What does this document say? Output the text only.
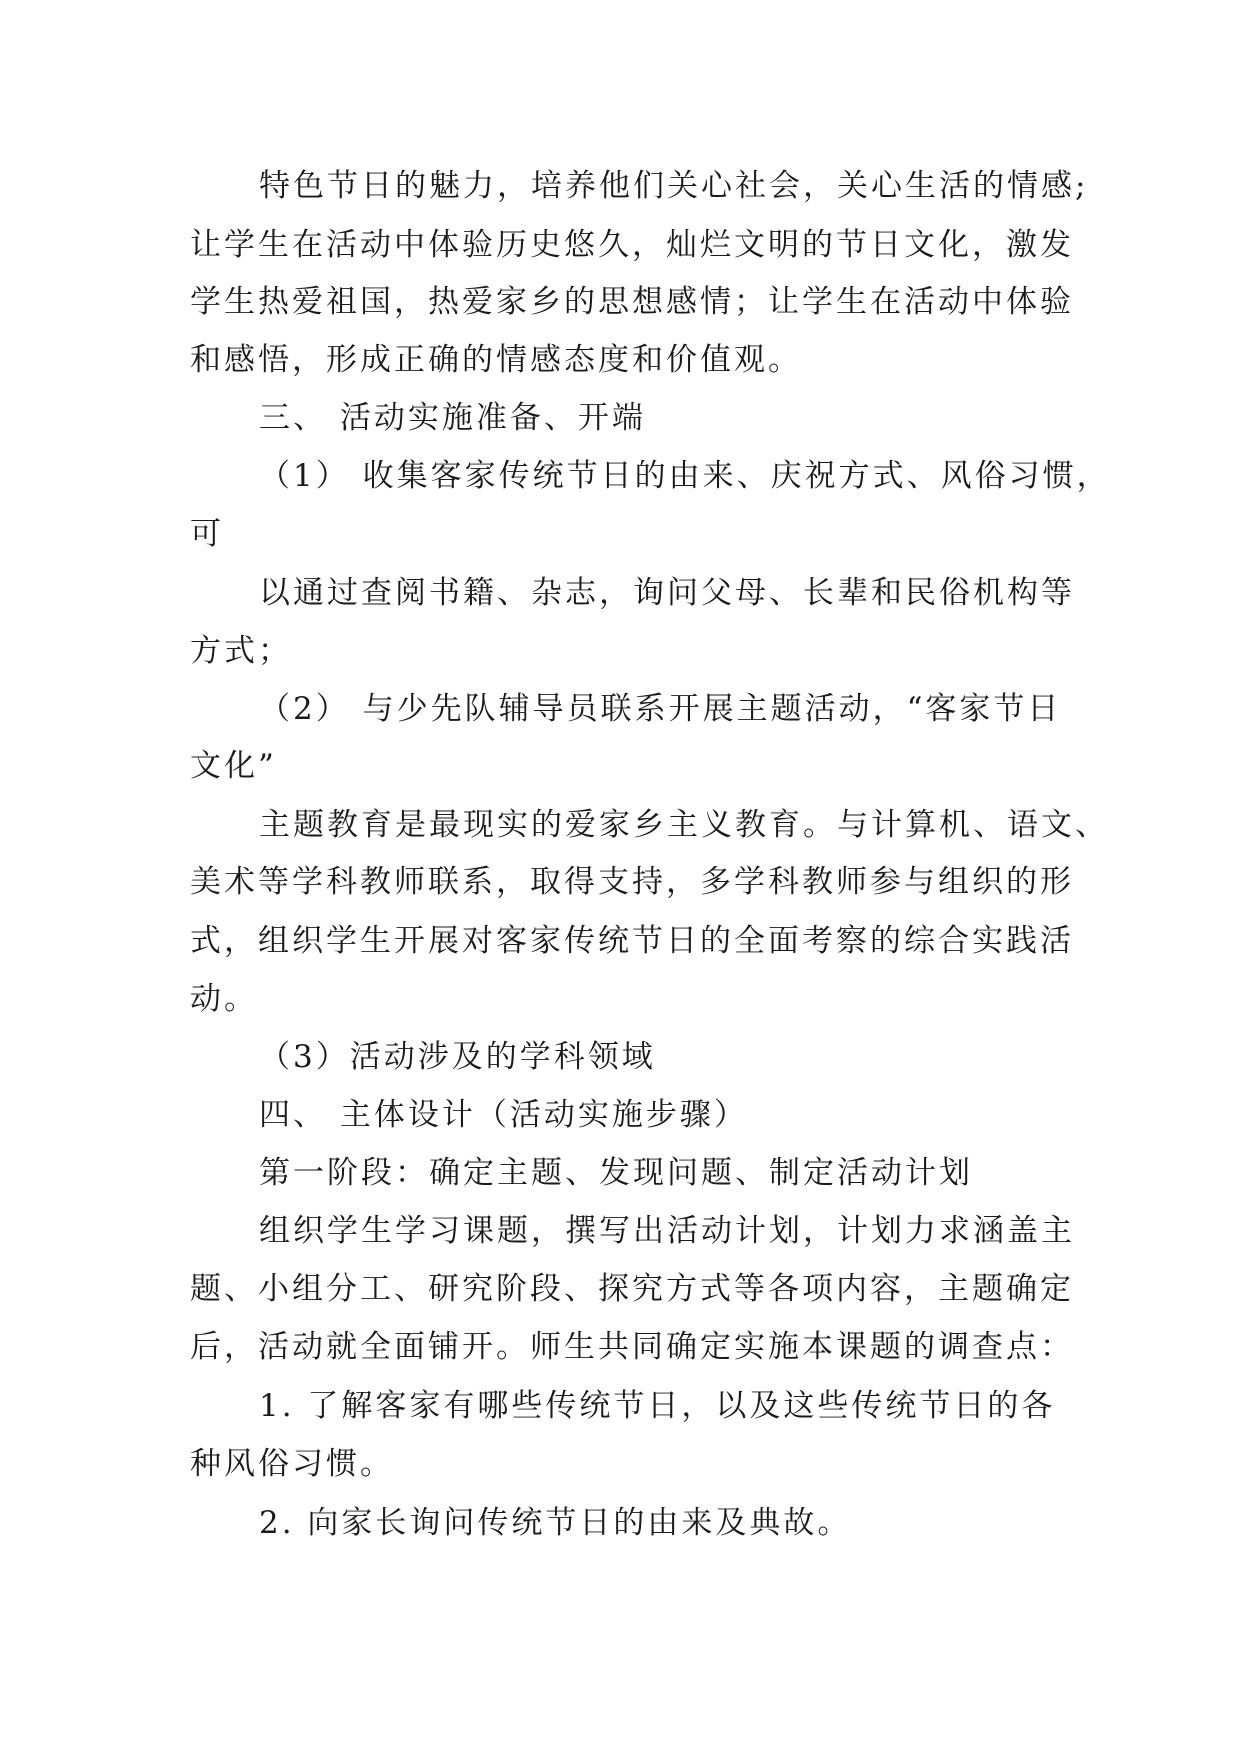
特色节日的魅力，培养他们关心社会，关心生活的情感;
让学生在活动中体验历史悠久，灿烂文明的节日文化，激发
学生热爱祖国，热爱家乡的思想感情；让学生在活动中体验
和感悟，形成正确的情感态度和价值观。
三、 活动实施准备、开端
（1） 收集客家传统节日的由来、庆祝方式、风俗习惯，
可
以通过查阅书籍、杂志，询问父母、长辈和民俗机构等
方式；
（2） 与少先队辅导员联系开展主题活动，“客家节日
文化”
主题教育是最现实的爱家乡主义教育。与计算机、语文、
美术等学科教师联系，取得支持，多学科教师参与组织的形
式，组织学生开展对客家传统节日的全面考察的综合实践活
动。
（3）活动涉及的学科领域
四、 主体设计（活动实施步骤）
第一阶段：确定主题、发现问题、制定活动计划
组织学生学习课题，撰写出活动计划，计划力求涵盖主
题、小组分工、研究阶段、探究方式等各项内容，主题确定
后，活动就全面铺开。师生共同确定实施本课题的调查点：
1. 了解客家有哪些传统节日，以及这些传统节日的各
种风俗习惯。
2. 向家长询问传统节日的由来及典故。
